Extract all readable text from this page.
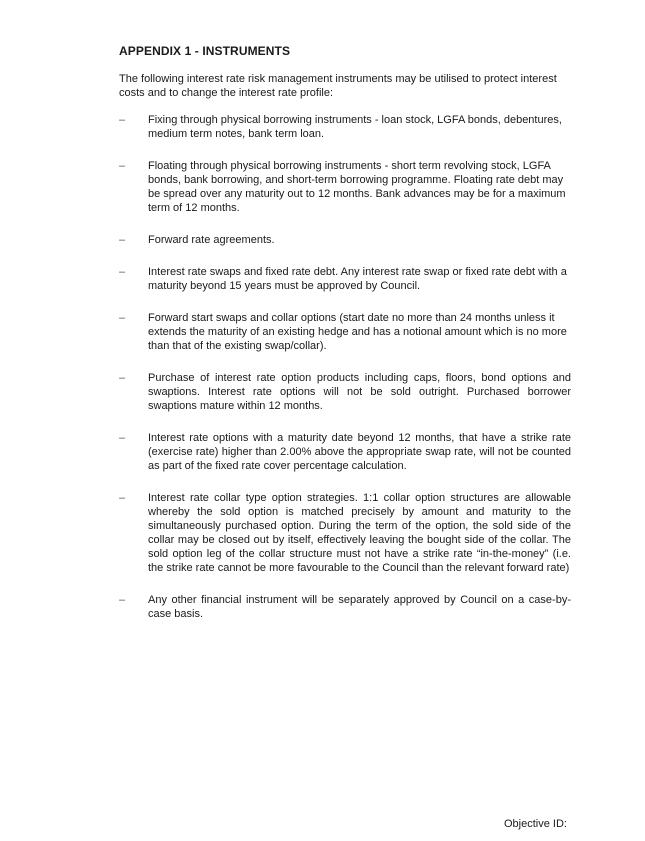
APPENDIX 1 - INSTRUMENTS

The following interest rate risk management instruments may be utilised to protect interest costs and to change the interest rate profile:

–	Fixing through physical borrowing instruments - loan stock, LGFA bonds, debentures, medium term notes, bank term loan.
–	Floating through physical borrowing instruments - short term revolving stock, LGFA bonds, bank borrowing, and short-term borrowing programme. Floating rate debt may be spread over any maturity out to 12 months. Bank advances may be for a maximum term of 12 months.
–	Forward rate agreements.
–	Interest rate swaps and fixed rate debt. Any interest rate swap or fixed rate debt with a maturity beyond 15 years must be approved by Council.
–	Forward start swaps and collar options (start date no more than 24 months unless it extends the maturity of an existing hedge and has a notional amount which is no more than that of the existing swap/collar).
–	Purchase of interest rate option products including caps, floors, bond options and swaptions. Interest rate options will not be sold outright. Purchased borrower swaptions mature within 12 months.
–	Interest rate options with a maturity date beyond 12 months, that have a strike rate (exercise rate) higher than 2.00% above the appropriate swap rate, will not be counted as part of the fixed rate cover percentage calculation.
–	Interest rate collar type option strategies. 1:1 collar option structures are allowable whereby the sold option is matched precisely by amount and maturity to the simultaneously purchased option. During the term of the option, the sold side of the collar may be closed out by itself, effectively leaving the bought side of the collar. The sold option leg of the collar structure must not have a strike rate “in-the-money” (i.e. the strike rate cannot be more favourable to the Council than the relevant forward rate)
–	Any other financial instrument will be separately approved by Council on a case-by-case basis.

Objective ID:
